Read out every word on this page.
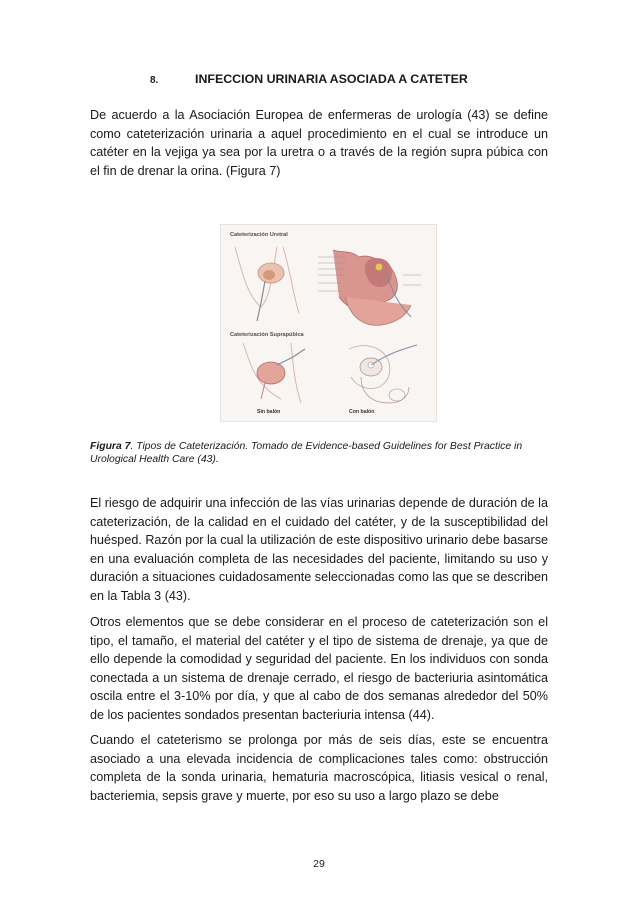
8.	INFECCION URINARIA ASOCIADA A CATETER

De acuerdo a la Asociación Europea de enfermeras de urología (43) se define como cateterización urinaria a aquel procedimiento en el cual se introduce un catéter en la vejiga ya sea por la uretra o a través de la región supra púbica con el fin de drenar la orina. (Figura 7)

Cateterización Uretral
Cateterización Suprapúbica
Sin balón	Con balón

Figura 7. Tipos de Cateterización. Tomado de Evidence-based Guidelines for Best Practice in Urological Health Care (43).

El riesgo de adquirir una infección de las vías urinarias depende de duración de la cateterización, de la calidad en el cuidado del catéter, y de la susceptibilidad del huésped. Razón por la cual la utilización de este dispositivo urinario debe basarse en una evaluación completa de las necesidades del paciente, limitando su uso y duración a situaciones cuidadosamente seleccionadas como las que se describen en la Tabla 3 (43).

Otros elementos que se debe considerar en el proceso de cateterización son el tipo, el tamaño, el material del catéter y el tipo de sistema de drenaje, ya que de ello depende la comodidad y seguridad del paciente. En los individuos con sonda conectada a un sistema de drenaje cerrado, el riesgo de bacteriuria asintomática oscila entre el 3-10% por día, y que al cabo de dos semanas alrededor del 50% de los pacientes sondados presentan bacteriuria intensa (44).

Cuando el cateterismo se prolonga por más de seis días, este se encuentra asociado a una elevada incidencia de complicaciones tales como: obstrucción completa de la sonda urinaria, hematuria macroscópica, litiasis vesical o renal, bacteriemia, sepsis grave y muerte, por eso su uso a largo plazo se debe

29
